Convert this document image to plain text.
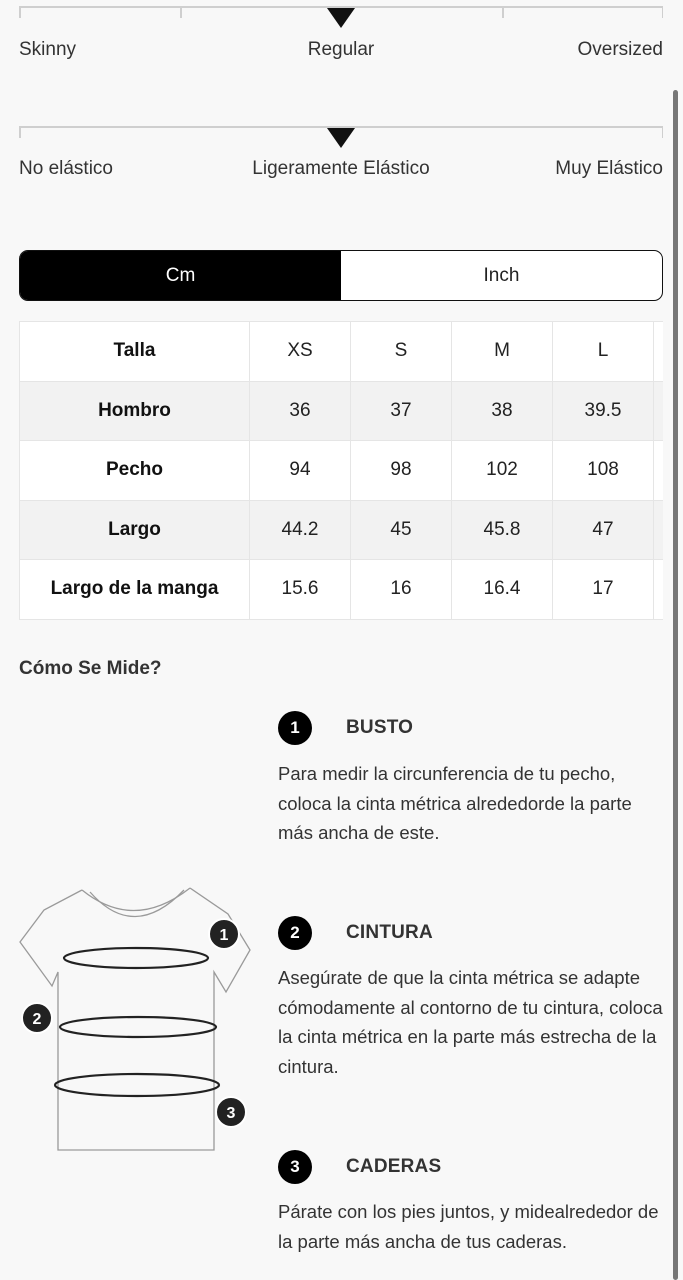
Skinny	Regular	Oversized
No elástico	Ligeramente Elástico	Muy Elástico
Cm	Inch
Talla	XS	S	M	L	
Hombro	36	37	38	39.5	
Pecho	94	98	102	108	
Largo	44.2	45	45.8	47	
Largo de la manga	15.6	16	16.4	17	
Cómo Se Mide?
1	BUSTO
Para medir la circunferencia de tu pecho, coloca la cinta métrica alrededorde la parte más ancha de este.
2	CINTURA
Asegúrate de que la cinta métrica se adapte cómodamente al contorno de tu cintura, coloca la cinta métrica en la parte más estrecha de la cintura.
3	CADERAS
Párate con los pies juntos, y midealrededor de la parte más ancha de tus caderas.
1
2
3
